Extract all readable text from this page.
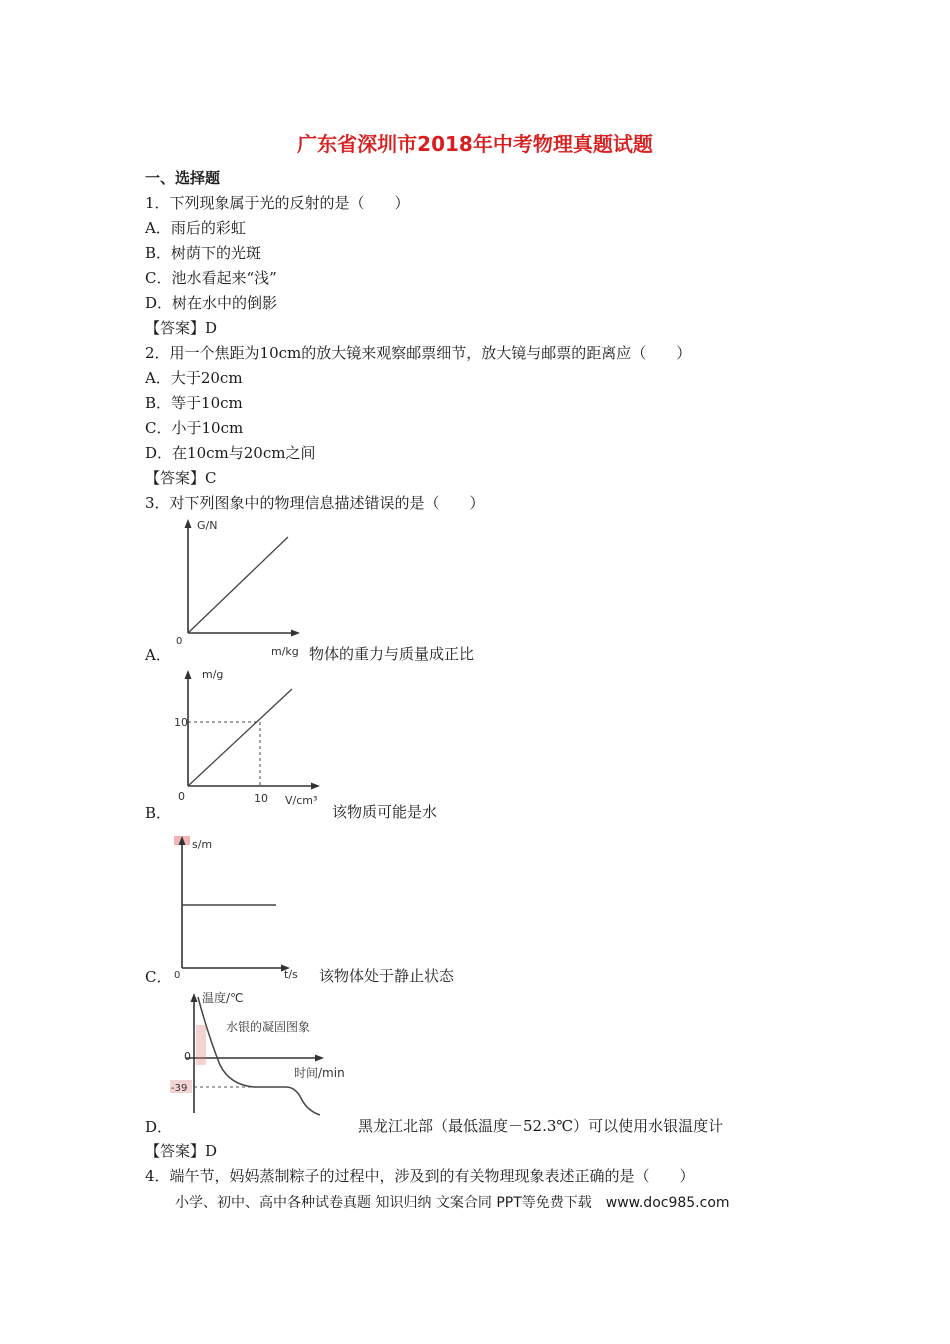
广东省深圳市2018年中考物理真题试题
一、选择题
1．下列现象属于光的反射的是（　　）
A．雨后的彩虹
B．树荫下的光斑
C．池水看起来“浅”
D．树在水中的倒影
【答案】D
2．用一个焦距为10cm的放大镜来观察邮票细节，放大镜与邮票的距离应（　　）
A．大于20cm
B．等于10cm
C．小于10cm
D．在10cm与20cm之间
【答案】C
3．对下列图象中的物理信息描述错误的是（　　）
0
G/N
m/kg
A．	物体的重力与质量成正比
m/g
10
0	10 V/cm³
B．	该物质可能是水
s/m
0	t/s
C．	该物体处于静止状态
温度/℃
水银的凝固图象
0
-39
时间/min
D．	黑龙江北部（最低温度－52.3℃）可以使用水银温度计
【答案】D
4．端午节，妈妈蒸制粽子的过程中，涉及到的有关物理现象表述正确的是（　　）
小学、初中、高中各种试卷真题 知识归纳 文案合同 PPT等免费下载　www.doc985.com
